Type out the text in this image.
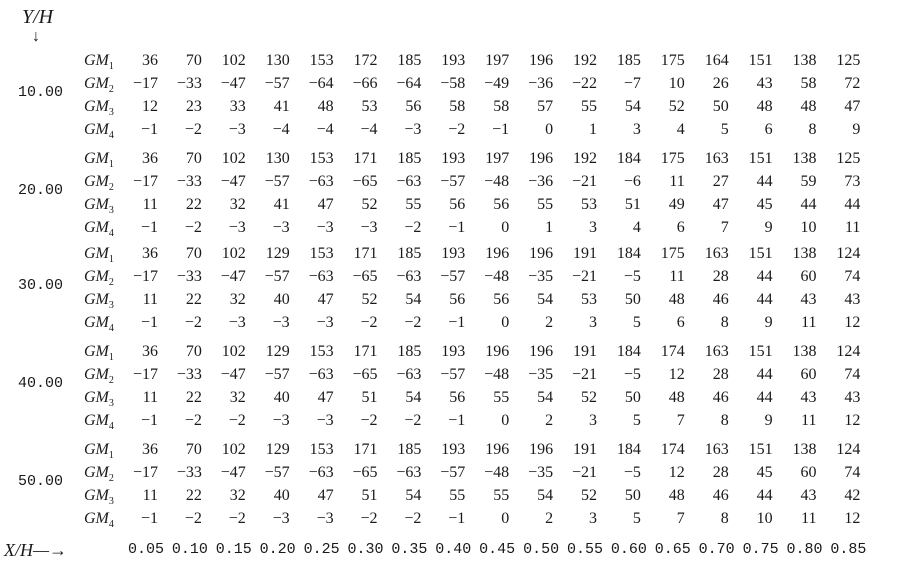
Y/H
↓
10.00
$GM_1$	36	70	102	130	153	172	185	193	197	196	192	185	175	164	151	138	125
$GM_2$	−17	−33	−47	−57	−64	−66	−64	−58	−49	−36	−22	−7	10	26	43	58	72
$GM_3$	12	23	33	41	48	53	56	58	58	57	55	54	52	50	48	48	47
$GM_4$	−1	−2	−3	−4	−4	−4	−3	−2	−1	0	1	3	4	5	6	8	9
20.00
$GM_1$	36	70	102	130	153	171	185	193	197	196	192	184	175	163	151	138	125
$GM_2$	−17	−33	−47	−57	−63	−65	−63	−57	−48	−36	−21	−6	11	27	44	59	73
$GM_3$	11	22	32	41	47	52	55	56	56	55	53	51	49	47	45	44	44
$GM_4$	−1	−2	−3	−3	−3	−3	−2	−1	0	1	3	4	6	7	9	10	11
30.00
$GM_1$	36	70	102	129	153	171	185	193	196	196	191	184	175	163	151	138	124
$GM_2$	−17	−33	−47	−57	−63	−65	−63	−57	−48	−35	−21	−5	11	28	44	60	74
$GM_3$	11	22	32	40	47	52	54	56	56	54	53	50	48	46	44	43	43
$GM_4$	−1	−2	−3	−3	−3	−2	−2	−1	0	2	3	5	6	8	9	11	12
40.00
$GM_1$	36	70	102	129	153	171	185	193	196	196	191	184	174	163	151	138	124
$GM_2$	−17	−33	−47	−57	−63	−65	−63	−57	−48	−35	−21	−5	12	28	44	60	74
$GM_3$	11	22	32	40	47	51	54	56	55	54	52	50	48	46	44	43	43
$GM_4$	−1	−2	−2	−3	−3	−2	−2	−1	0	2	3	5	7	8	9	11	12
50.00
$GM_1$	36	70	102	129	153	171	185	193	196	196	191	184	174	163	151	138	124
$GM_2$	−17	−33	−47	−57	−63	−65	−63	−57	−48	−35	−21	−5	12	28	45	60	74
$GM_3$	11	22	32	40	47	51	54	55	55	54	52	50	48	46	44	43	42
$GM_4$	−1	−2	−2	−3	−3	−2	−2	−1	0	2	3	5	7	8	10	11	12
X/H—→	0.05 0.10 0.15 0.20 0.25 0.30 0.35 0.40 0.45 0.50 0.55 0.60 0.65 0.70 0.75 0.80 0.85
